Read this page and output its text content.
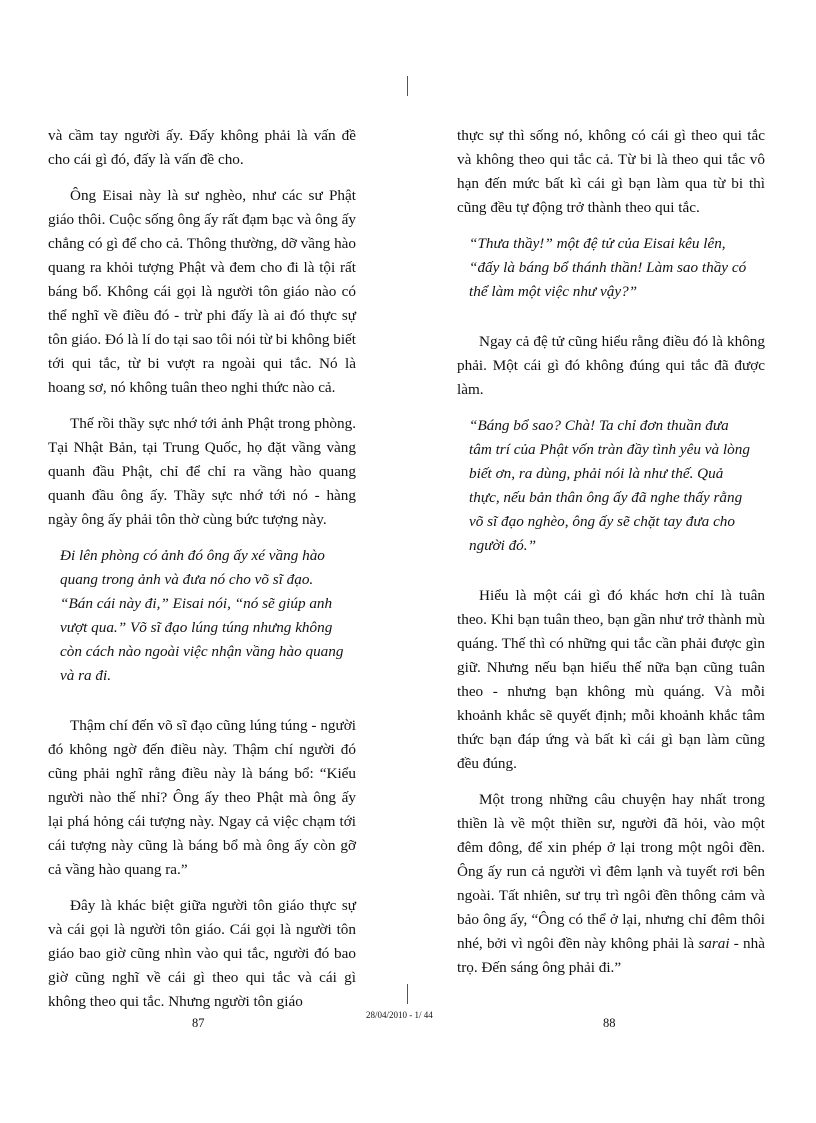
và cầm tay người ấy. Đấy không phải là vấn đề cho cái gì đó, đấy là vấn đề cho.

Ông Eisai này là sư nghèo, như các sư Phật giáo thôi. Cuộc sống ông ấy rất đạm bạc và ông ấy chẳng có gì để cho cả. Thông thường, dỡ vầng hào quang ra khỏi tượng Phật và đem cho đi là tội rất báng bổ. Không cái gọi là người tôn giáo nào có thể nghĩ về điều đó - trừ phi đấy là ai đó thực sự tôn giáo. Đó là lí do tại sao tôi nói từ bi không biết tới qui tắc, từ bi vượt ra ngoài qui tắc. Nó là hoang sơ, nó không tuân theo nghi thức nào cả.

Thế rồi thầy sực nhớ tới ảnh Phật trong phòng. Tại Nhật Bản, tại Trung Quốc, họ đặt vầng vàng quanh đầu Phật, chỉ để chỉ ra vầng hào quang quanh đầu ông ấy. Thầy sực nhớ tới nó - hàng ngày ông ấy phải tôn thờ cùng bức tượng này.

Đi lên phòng có ảnh đó ông ấy xé vầng hào quang trong ảnh và đưa nó cho võ sĩ đạo. “Bán cái này đi,” Eisai nói, “nó sẽ giúp anh vượt qua.” Võ sĩ đạo lúng túng nhưng không còn cách nào ngoài việc nhận vầng hào quang và ra đi.

Thậm chí đến võ sĩ đạo cũng lúng túng - người đó không ngờ đến điều này. Thậm chí người đó cũng phải nghĩ rằng điều này là báng bổ: “Kiểu người nào thế nhỉ? Ông ấy theo Phật mà ông ấy lại phá hỏng cái tượng này. Ngay cả việc chạm tới cái tượng này cũng là báng bổ mà ông ấy còn gỡ cả vầng hào quang ra.”

Đây là khác biệt giữa người tôn giáo thực sự và cái gọi là người tôn giáo. Cái gọi là người tôn giáo bao giờ cũng nhìn vào qui tắc, người đó bao giờ cũng nghĩ về cái gì theo qui tắc và cái gì không theo qui tắc. Nhưng người tôn giáo

thực sự thì sống nó, không có cái gì theo qui tắc và không theo qui tắc cả. Từ bi là theo qui tắc vô hạn đến mức bất kì cái gì bạn làm qua từ bi thì cũng đều tự động trở thành theo qui tắc.

“Thưa thầy!” một đệ tử của Eisai kêu lên, “đấy là báng bổ thánh thần! Làm sao thầy có thể làm một việc như vậy?”

Ngay cả đệ tử cũng hiểu rằng điều đó là không phải. Một cái gì đó không đúng qui tắc đã được làm.

“Báng bổ sao? Chà! Ta chỉ đơn thuần đưa tâm trí của Phật vốn tràn đầy tình yêu và lòng biết ơn, ra dùng, phải nói là như thế. Quả thực, nếu bản thân ông ấy đã nghe thấy rằng võ sĩ đạo nghèo, ông ấy sẽ chặt tay đưa cho người đó.”

Hiểu là một cái gì đó khác hơn chỉ là tuân theo. Khi bạn tuân theo, bạn gần như trở thành mù quáng. Thế thì có những qui tắc cần phải được gìn giữ. Nhưng nếu bạn hiểu thế nữa bạn cũng tuân theo - nhưng bạn không mù quáng. Và mỗi khoảnh khắc sẽ quyết định; mỗi khoảnh khắc tâm thức bạn đáp ứng và bất kì cái gì bạn làm cũng đều đúng.

Một trong những câu chuyện hay nhất trong thiền là về một thiền sư, người đã hỏi, vào một đêm đông, để xin phép ở lại trong một ngôi đền. Ông ấy run cả người vì đêm lạnh và tuyết rơi bên ngoài. Tất nhiên, sư trụ trì ngôi đền thông cảm và bảo ông ấy, “Ông có thể ở lại, nhưng chỉ đêm thôi nhé, bởi vì ngôi đền này không phải là sarai - nhà trọ. Đến sáng ông phải đi.”

87
28/04/2010 - 1/ 44
88
